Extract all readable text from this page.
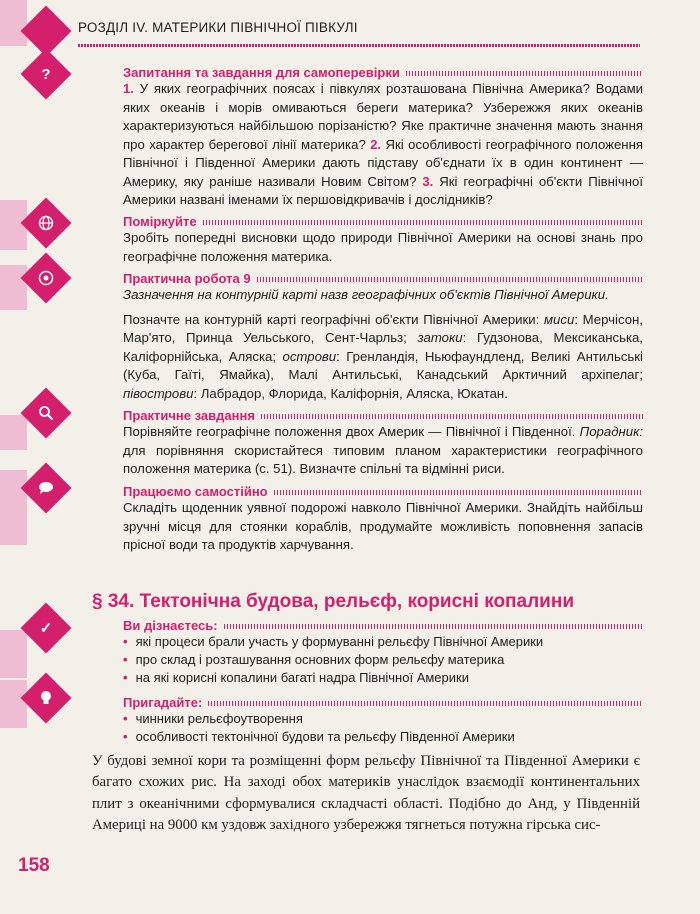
?
✓
РОЗДІЛ IV. МАТЕРИКИ ПІВНІЧНОЇ ПІВКУЛІ
Запитання та завдання для самоперевірки
1. У яких географічних поясах і півкулях розташована Північна Америка? Водами яких океанів і морів омиваються береги материка? Узбережжя яких океанів характеризуються найбільшою порізаністю? Яке практичне значення мають знання про характер берегової лінії материка? 2. Які особливості географічного положення Північної і Південної Америки дають підставу об'єднати їх в один континент — Америку, яку раніше називали Новим Світом? 3. Які географічні об'єкти Північної Америки названі іменами їх першовідкривачів і дослідників?
Поміркуйте
Зробіть попередні висновки щодо природи Північної Америки на основі знань про географічне положення материка.
Практична робота 9
Зазначення на контурній карті назв географічних об'єктів Північної Америки.
Позначте на контурній карті географічні об'єкти Північної Америки: миси: Мерчісон, Мар'ято, Принца Уельського, Сент-Чарльз; затоки: Гудзонова, Мексиканська, Каліфорнійська, Аляска; острови: Гренландія, Ньюфаундленд, Великі Антильські (Куба, Гаїті, Ямайка), Малі Антильські, Канадський Арктичний архіпелаг; півострови: Лабрадор, Флорида, Каліфорнія, Аляска, Юкатан.
Практичне завдання
Порівняйте географічне положення двох Америк — Північної і Південної. Порадник: для порівняння скористайтеся типовим планом характеристики географічного положення материка (с. 51). Визначте спільні та відмінні риси.
Працюємо самостійно
Складіть щоденник уявної подорожі навколо Північної Америки. Знайдіть найбільш зручні місця для стоянки кораблів, продумайте можливість поповнення запасів прісної води та продуктів харчування.
§ 34. Тектонічна будова, рельєф, корисні копалини
Ви дізнаєтесь:
• які процеси брали участь у формуванні рельєфу Північної Америки
• про склад і розташування основних форм рельєфу материка
• на які корисні копалини багаті надра Північної Америки
Пригадайте:
• чинники рельєфоутворення
• особливості тектонічної будови та рельєфу Південної Америки
У будові земної кори та розміщенні форм рельєфу Північної та Південної Америки є багато схожих рис. На заході обох материків унаслідок взаємодії континентальних плит з океанічними сформувалися складчасті області. Подібно до Анд, у Південній Америці на 9000 км уздовж західного узбережжя тягнеться потужна гірська сис-
158
